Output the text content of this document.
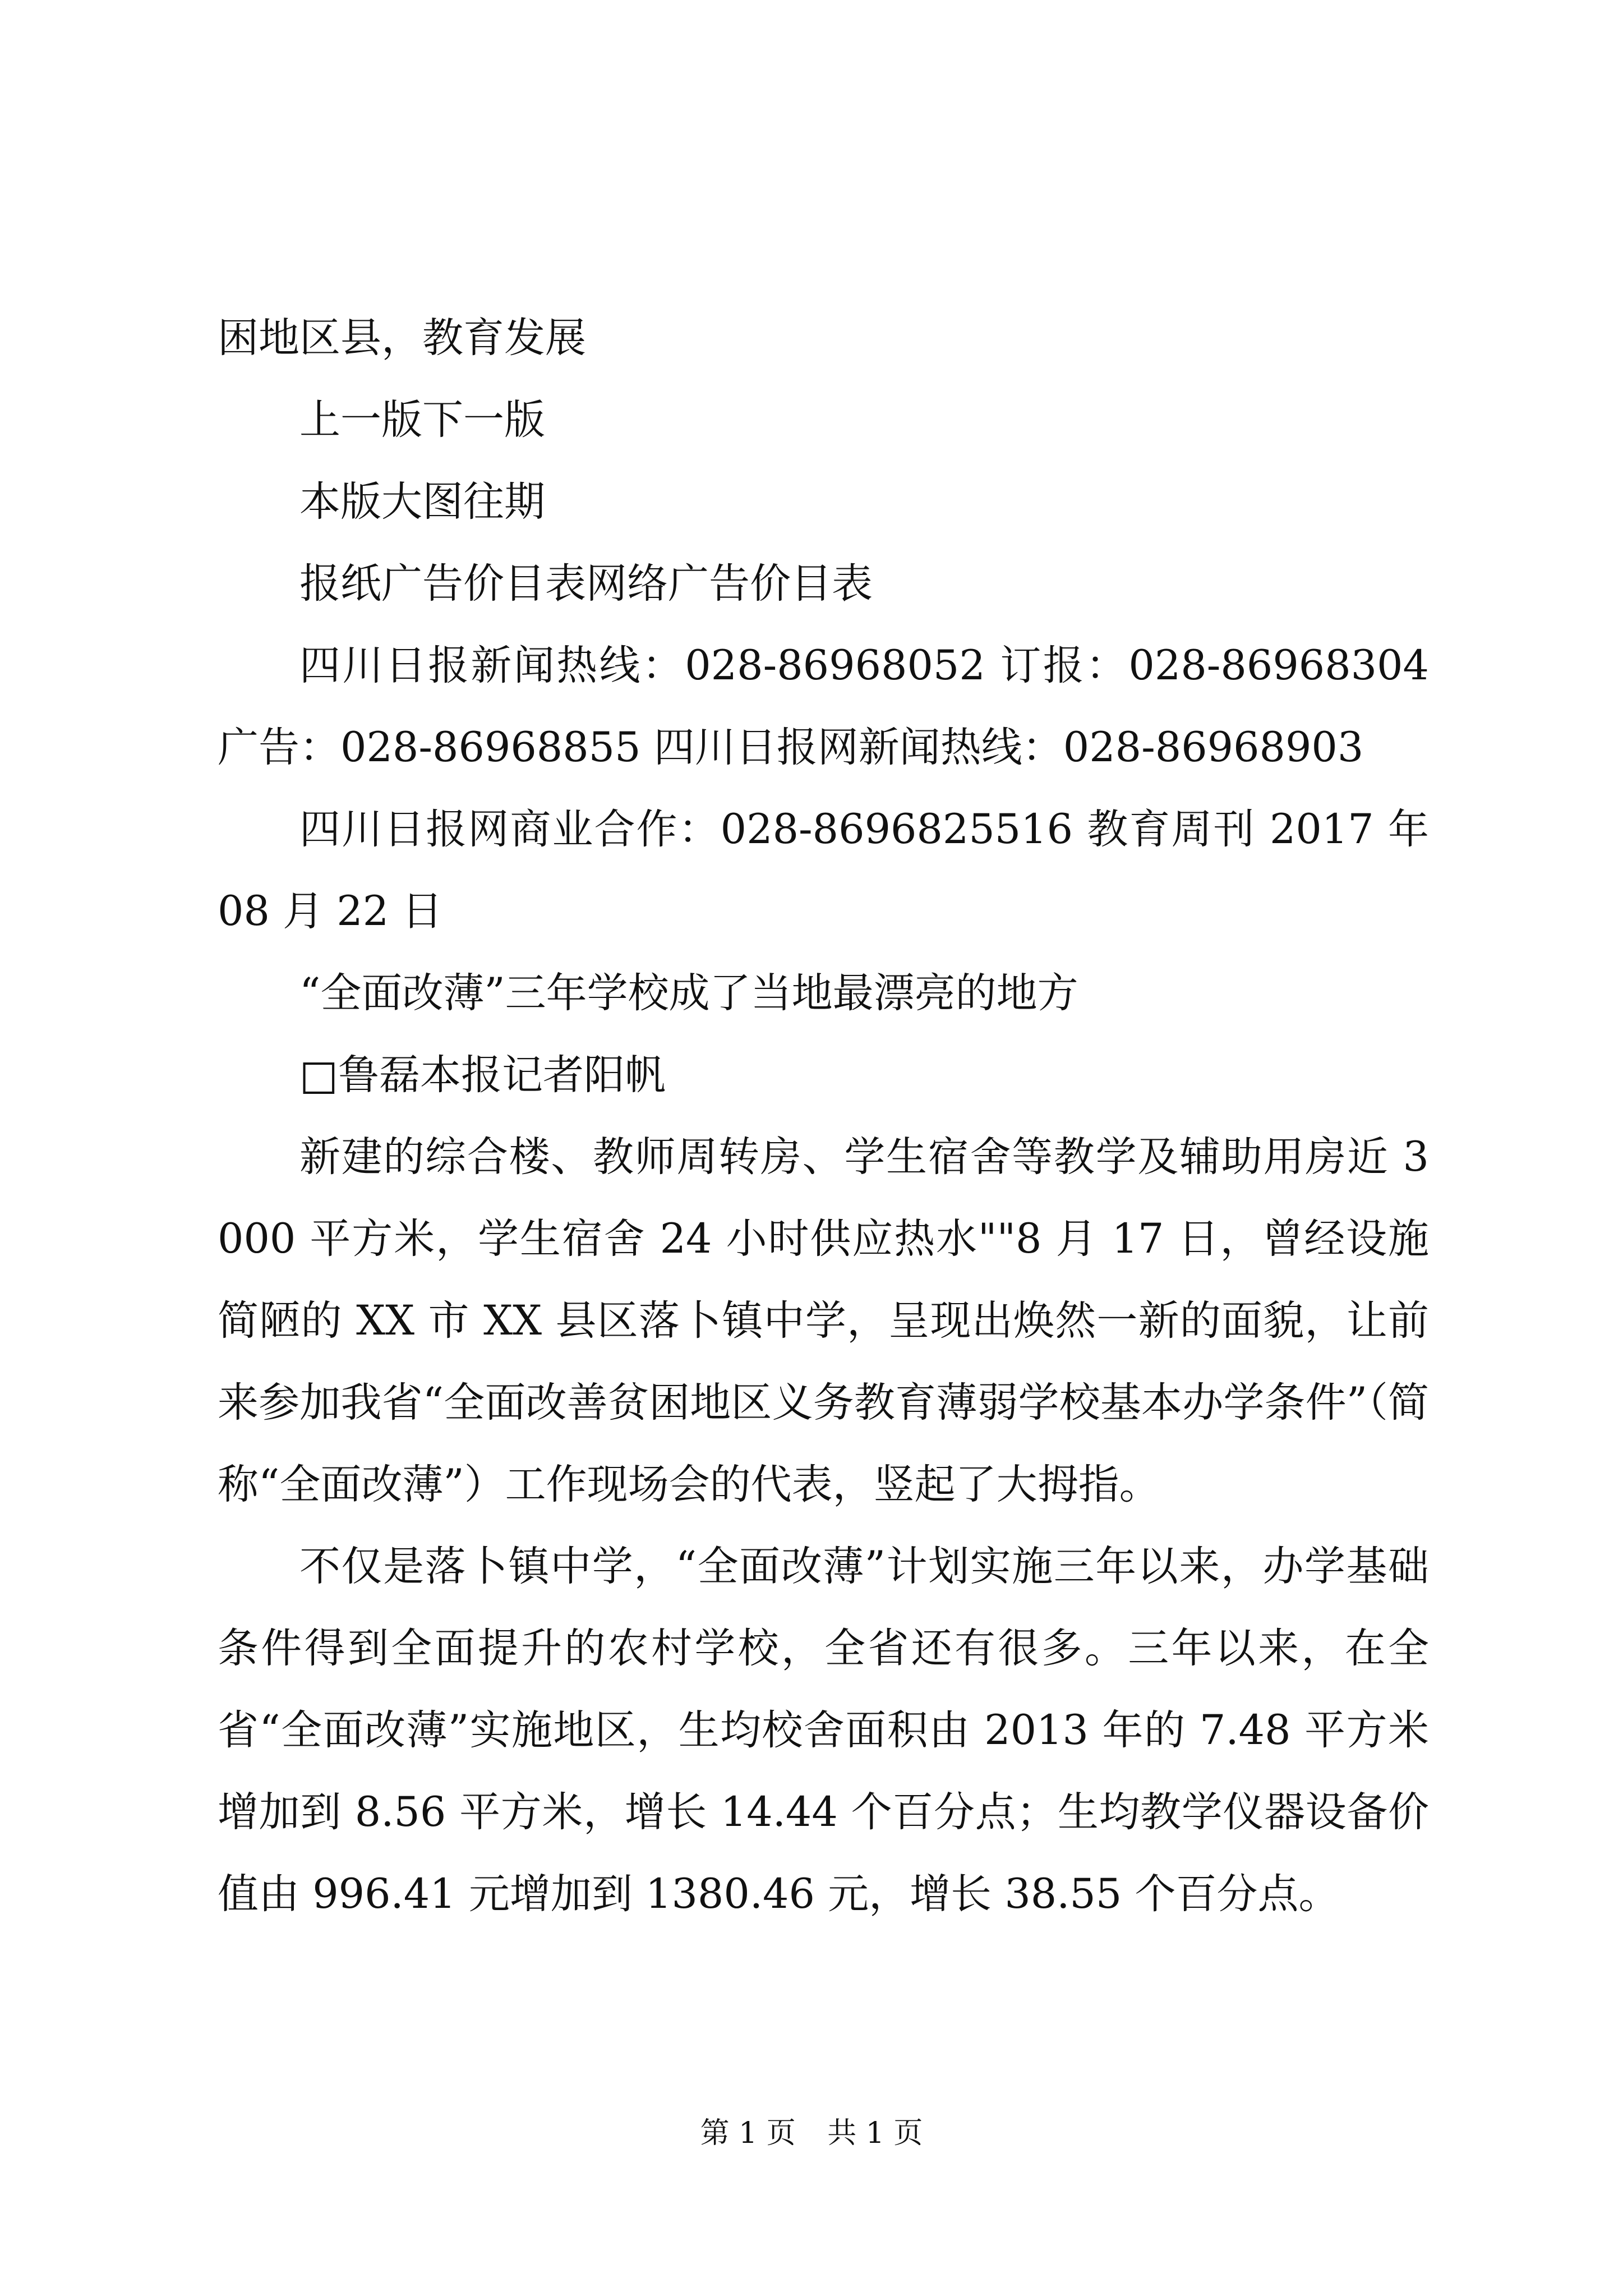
困地区县，教育发展

上一版下一版

本版大图往期

报纸广告价目表网络广告价目表

四川日报新闻热线：028-86968052 订报：028-86968304 广告：028-86968855 四川日报网新闻热线：028-86968903

四川日报网商业合作：028-8696825516 教育周刊 2017 年 08 月 22 日

“全面改薄”三年学校成了当地最漂亮的地方

□鲁磊本报记者阳帆

新建的综合楼、教师周转房、学生宿舍等教学及辅助用房近 3000 平方米，学生宿舍 24 小时供应热水""8 月 17 日，曾经设施简陋的 XX 市 XX 县区落卜镇中学，呈现出焕然一新的面貌，让前来参加我省“全面改善贫困地区义务教育薄弱学校基本办学条件”（简称“全面改薄”）工作现场会的代表，竖起了大拇指。

不仅是落卜镇中学，“全面改薄”计划实施三年以来，办学基础条件得到全面提升的农村学校，全省还有很多。三年以来，在全省“全面改薄”实施地区，生均校舍面积由 2013 年的 7.48 平方米增加到 8.56 平方米，增长 14.44 个百分点；生均教学仪器设备价值由 996.41 元增加到 1380.46 元，增长 38.55 个百分点。

第 1 页 共 1 页
